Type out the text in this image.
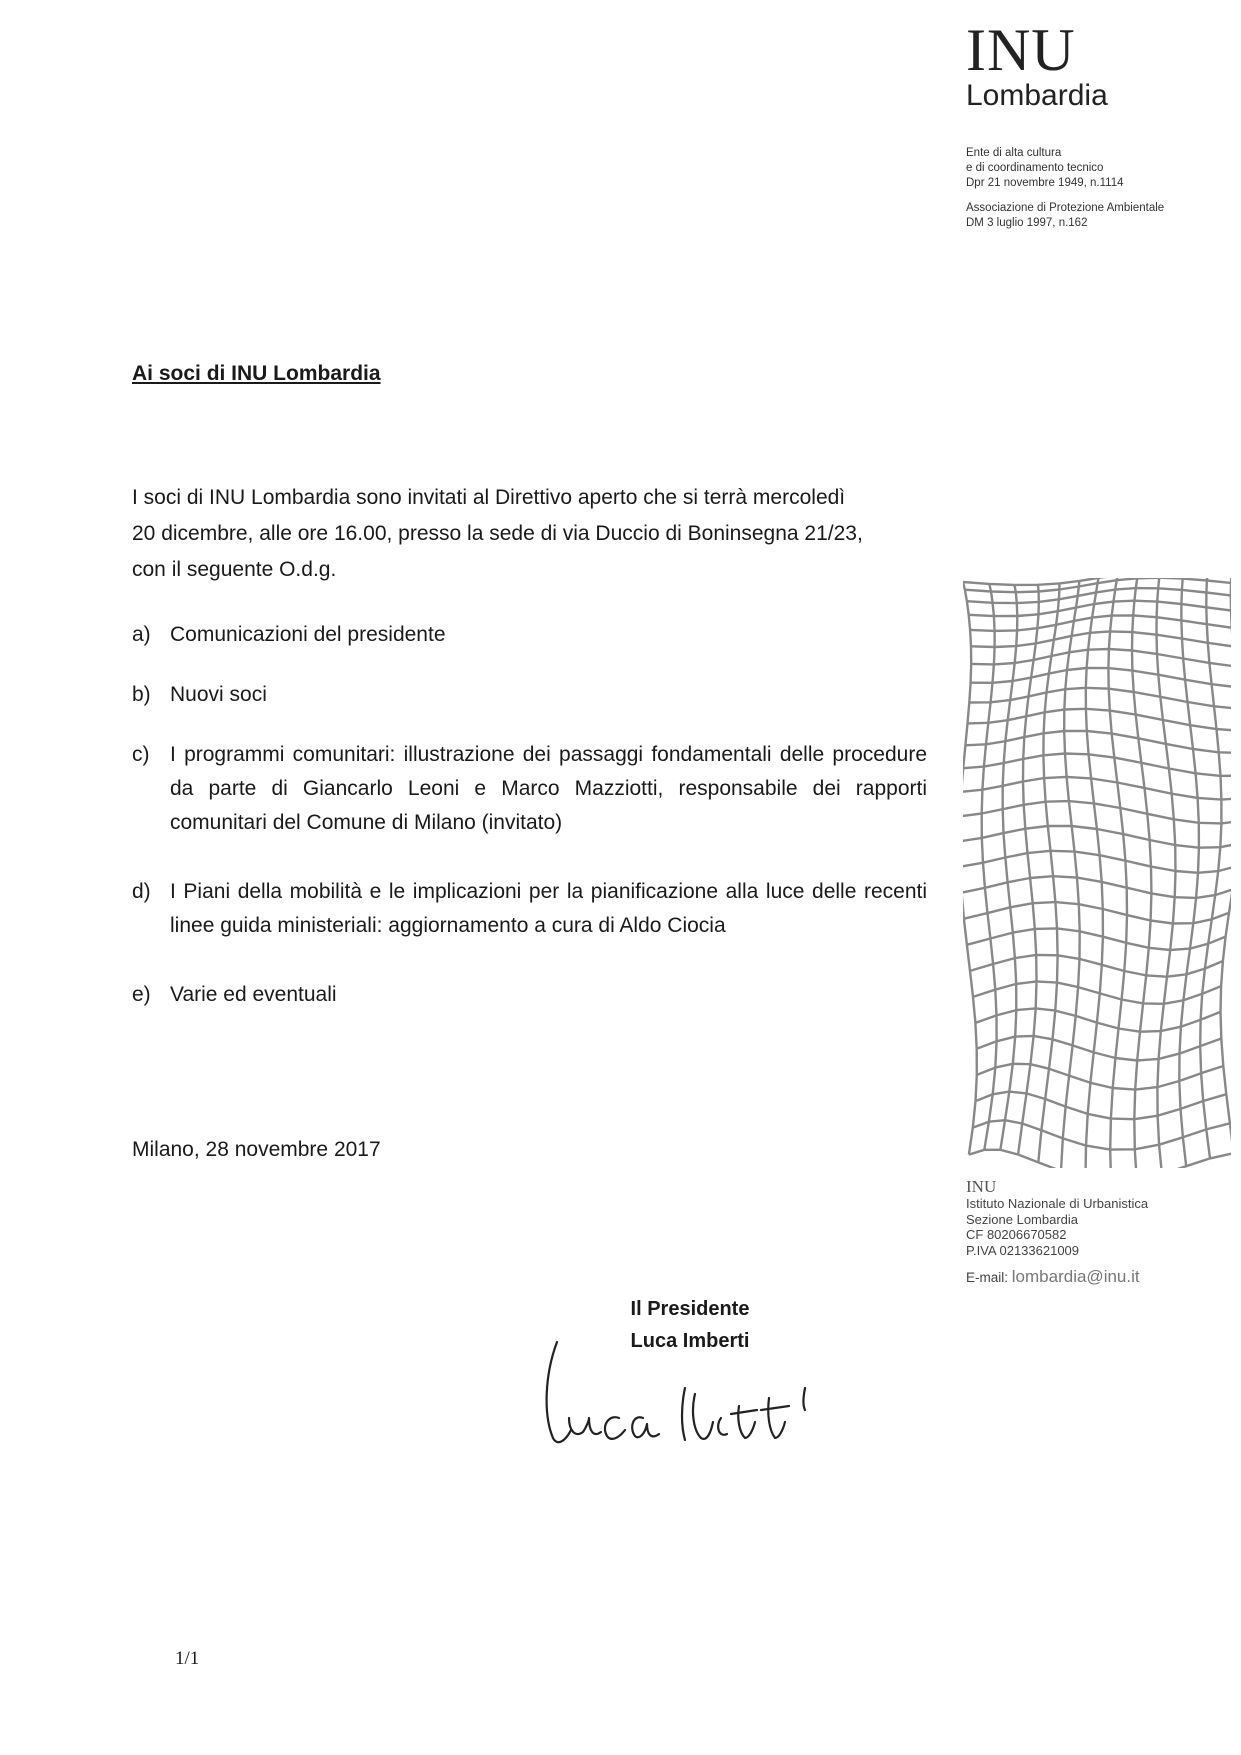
INU
Lombardia
Ente di alta cultura
e di coordinamento tecnico
Dpr 21 novembre 1949, n.1114
Associazione di Protezione Ambientale
DM 3 luglio 1997, n.162
Ai soci di INU Lombardia
I soci di INU Lombardia sono invitati al Direttivo aperto che si terrà mercoledì
20 dicembre, alle ore 16.00, presso la sede di via Duccio di Boninsegna 21/23,
con il seguente O.d.g.
a) Comunicazioni del presidente
b) Nuovi soci
c) I programmi comunitari: illustrazione dei passaggi fondamentali delle procedure da parte di Giancarlo Leoni e Marco Mazziotti, responsabile dei rapporti comunitari del Comune di Milano (invitato)
d) I Piani della mobilità e le implicazioni per la pianificazione alla luce delle recenti linee guida ministeriali: aggiornamento a cura di Aldo Ciocia
e) Varie ed eventuali
Milano, 28 novembre 2017
Il Presidente
Luca Imberti
1/1
INU
Istituto Nazionale di Urbanistica
Sezione Lombardia
CF 80206670582
P.IVA 02133621009
E-mail: lombardia@inu.it
